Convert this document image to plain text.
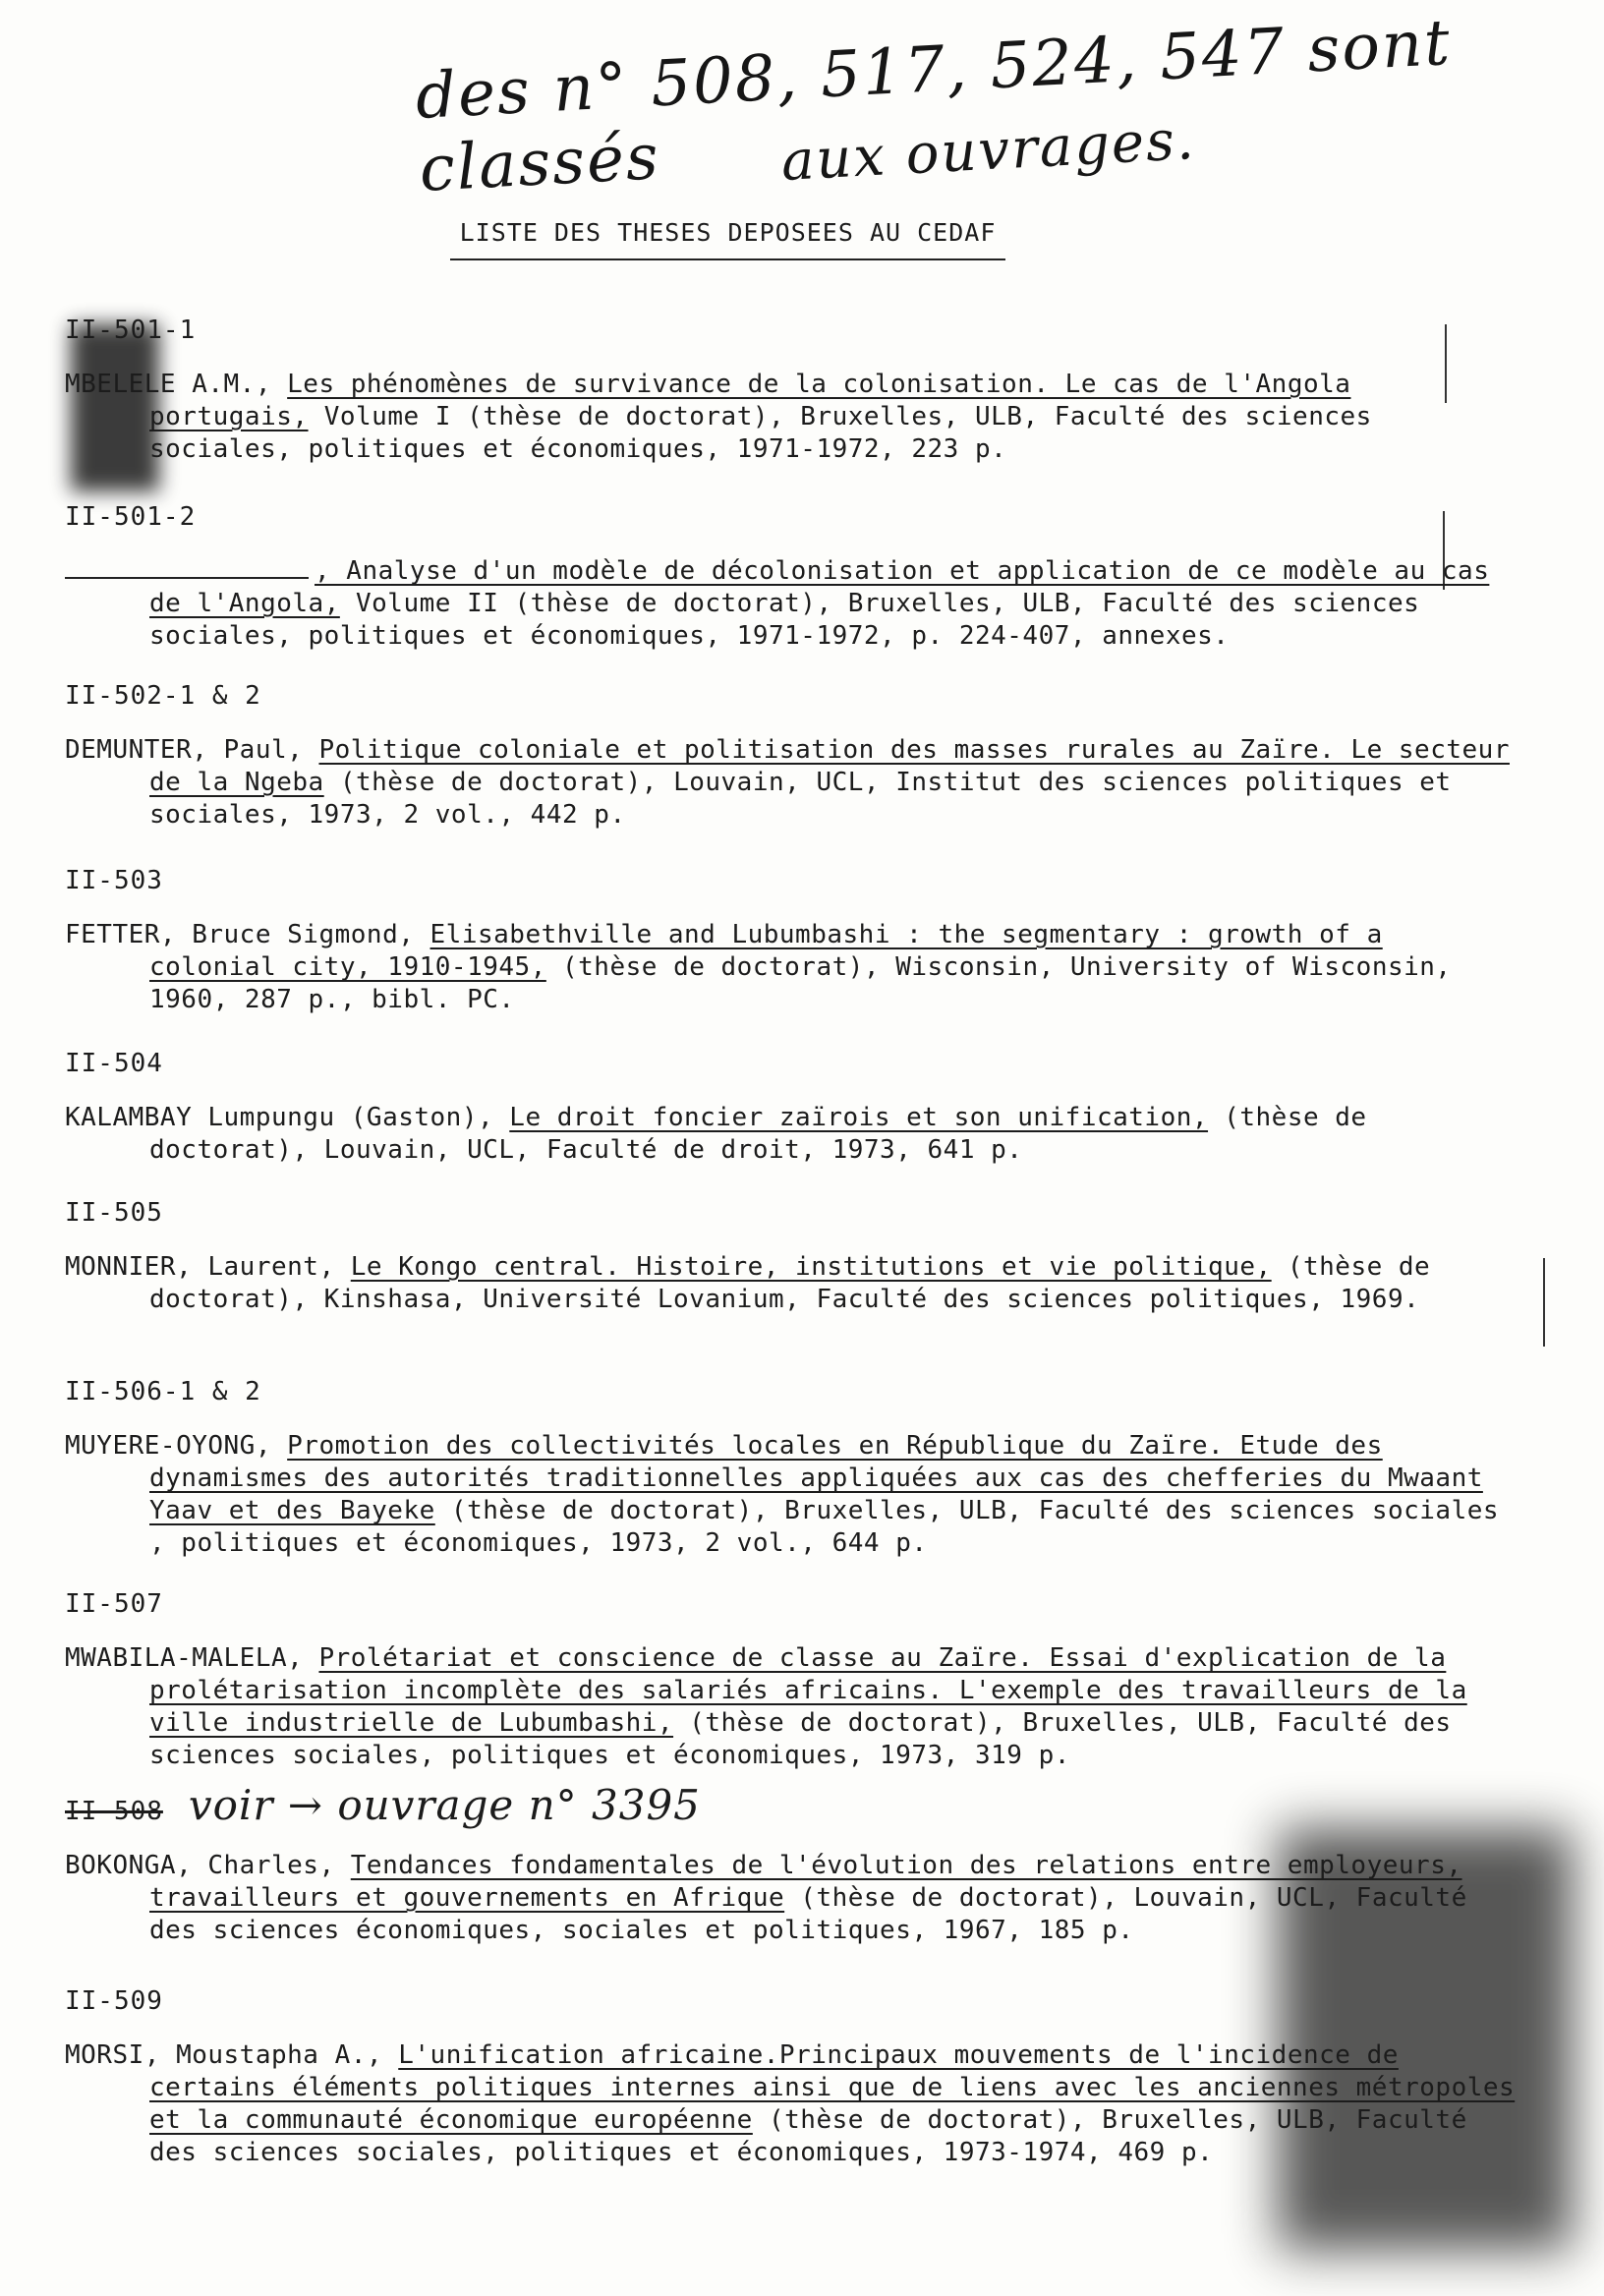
des n° 508, 517, 524, 547 sont classés	aux ouvrages.
LISTE DES THESES DEPOSEES AU CEDAF
II-501-1
MBELELE A.M., Les phénomènes de survivance de la colonisation. Le cas de l'Angola portugais, Volume I (thèse de doctorat), Bruxelles, ULB, Faculté des sciences sociales, politiques et économiques, 1971-1972, 223 p.
II-501-2
, Analyse d'un modèle de décolonisation et application de ce modèle au cas de l'Angola, Volume II (thèse de doctorat), Bruxelles, ULB, Faculté des sciences sociales, politiques et économiques, 1971-1972, p. 224-407, annexes.
II-502-1 & 2
DEMUNTER, Paul, Politique coloniale et politisation des masses rurales au Zaïre. Le secteur de la Ngeba (thèse de doctorat), Louvain, UCL, Institut des sciences politiques et sociales, 1973, 2 vol., 442 p.
II-503
FETTER, Bruce Sigmond, Elisabethville and Lubumbashi : the segmentary : growth of a colonial city, 1910-1945, (thèse de doctorat), Wisconsin, University of Wisconsin, 1960, 287 p., bibl. PC.
II-504
KALAMBAY Lumpungu (Gaston), Le droit foncier zaïrois et son unification, (thèse de doctorat), Louvain, UCL, Faculté de droit, 1973, 641 p.
II-505
MONNIER, Laurent, Le Kongo central. Histoire, institutions et vie politique, (thèse de doctorat), Kinshasa, Université Lovanium, Faculté des sciences politiques, 1969.
II-506-1 & 2
MUYERE-OYONG, Promotion des collectivités locales en République du Zaïre. Etude des dynamismes des autorités traditionnelles appliquées aux cas des chefferies du Mwaant Yaav et des Bayeke (thèse de doctorat), Bruxelles, ULB, Faculté des sciences sociales , politiques et économiques, 1973, 2 vol., 644 p.
II-507
MWABILA-MALELA, Prolétariat et conscience de classe au Zaïre. Essai d'explication de la prolétarisation incomplète des salariés africains. L'exemple des travailleurs de la ville industrielle de Lubumbashi, (thèse de doctorat), Bruxelles, ULB, Faculté des sciences sociales, politiques et économiques, 1973, 319 p.
II-508 voir → ouvrage n° 3395
BOKONGA, Charles, Tendances fondamentales de l'évolution des relations entre employeurs, travailleurs et gouvernements en Afrique (thèse de doctorat), Louvain, UCL, Faculté des sciences économiques, sociales et politiques, 1967, 185 p.
II-509
MORSI, Moustapha A., L'unification africaine.Principaux mouvements de l'incidence de certains éléments politiques internes ainsi que de liens avec les anciennes métropoles et la communauté économique européenne (thèse de doctorat), Bruxelles, ULB, Faculté des sciences sociales, politiques et économiques, 1973-1974, 469 p.
